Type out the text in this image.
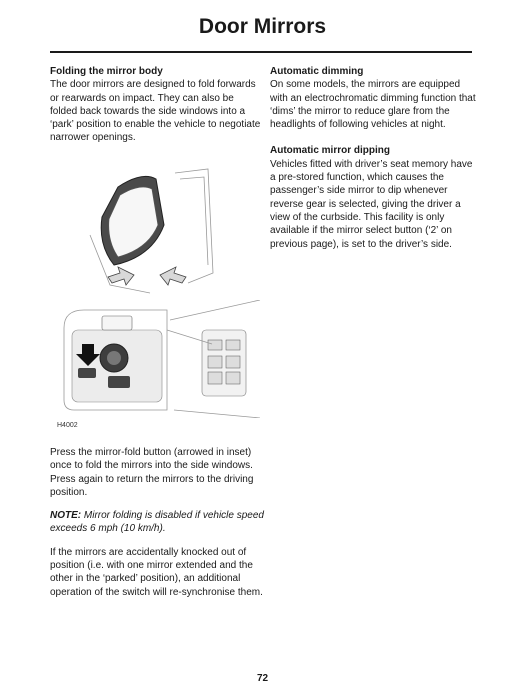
Door Mirrors
Folding the mirror body

The door mirrors are designed to fold forwards or rearwards on impact. They can also be folded back towards the side windows into a ‘park’ position to enable the vehicle to negotiate narrower openings.

H4002

Press the mirror-fold button (arrowed in inset) once to fold the mirrors into the side windows. Press again to return the mirrors to the driving position.

NOTE: Mirror folding is disabled if vehicle speed exceeds 6 mph (10 km/h).

If the mirrors are accidentally knocked out of position (i.e. with one mirror extended and the other in the ‘parked’ position), an additional operation of the switch will re-synchronise them.

Automatic dimming

On some models, the mirrors are equipped with an electrochromatic dimming function that ‘dims’ the mirror to reduce glare from the headlights of following vehicles at night.

Automatic mirror dipping

Vehicles fitted with driver’s seat memory have a pre-stored function, which causes the passenger’s side mirror to dip whenever reverse gear is selected, giving the driver a view of the curbside. This facility is only available if the mirror select button (‘2’ on previous page), is set to the driver’s side.

72
